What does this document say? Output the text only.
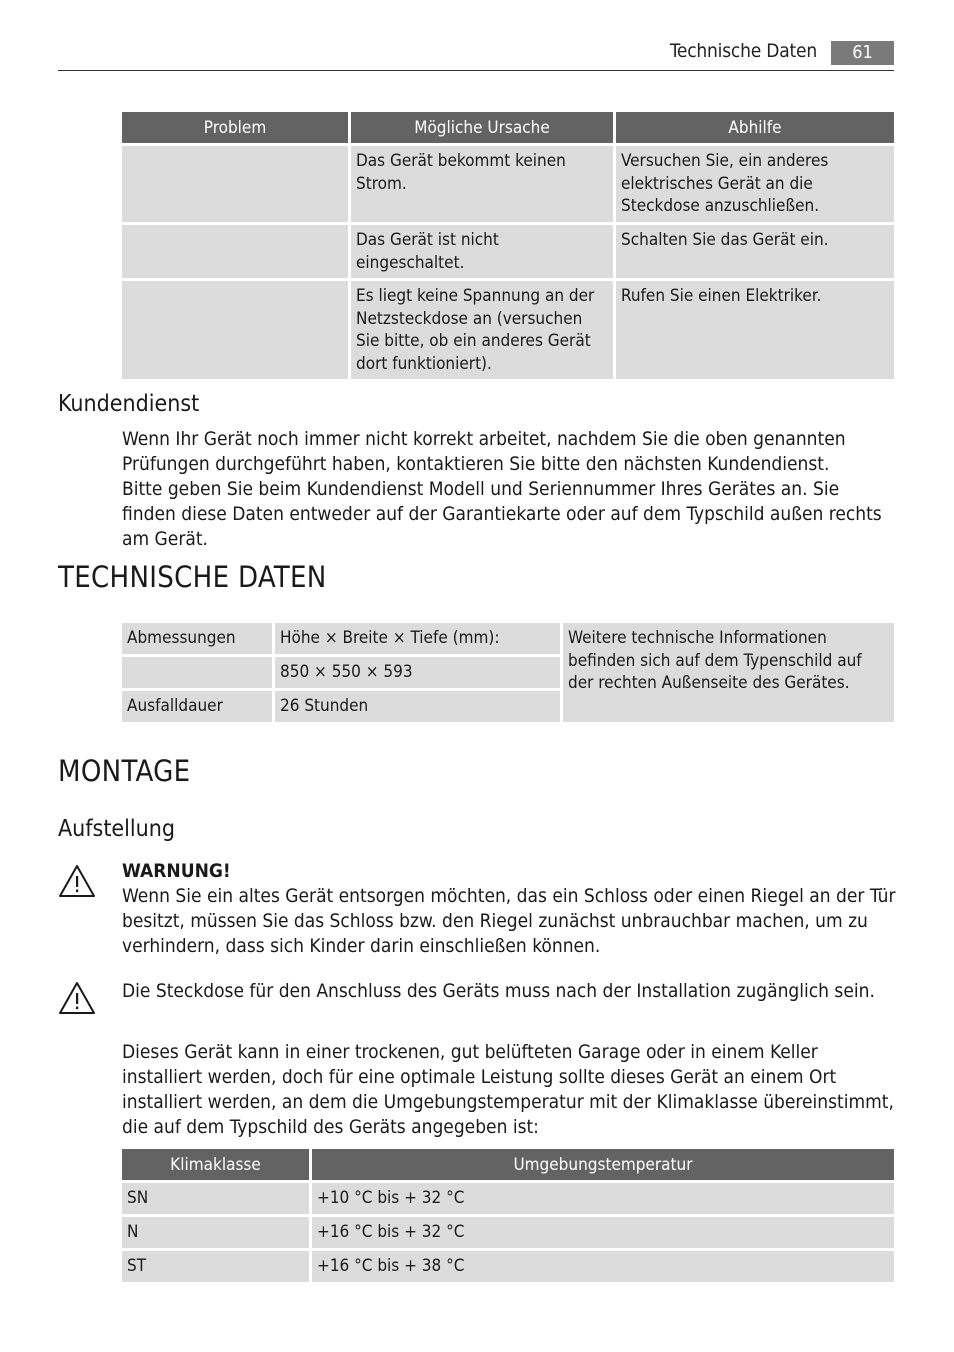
Technische Daten	61
Problem	Mögliche Ursache	Abhilfe
	Das Gerät bekommt keinen Strom.	Versuchen Sie, ein anderes elektrisches Gerät an die Steckdose anzuschließen.
	Das Gerät ist nicht eingeschaltet.	Schalten Sie das Gerät ein.
	Es liegt keine Spannung an der Netzsteckdose an (versuchen Sie bitte, ob ein anderes Gerät dort funktioniert).	Rufen Sie einen Elektriker.
Kundendienst

Wenn Ihr Gerät noch immer nicht korrekt arbeitet, nachdem Sie die oben genannten Prüfungen durchgeführt haben, kontaktieren Sie bitte den nächsten Kundendienst.

Bitte geben Sie beim Kundendienst Modell und Seriennummer Ihres Gerätes an. Sie finden diese Daten entweder auf der Garantiekarte oder auf dem Typschild außen rechts am Gerät.

TECHNISCHE DATEN
Abmessungen	Höhe × Breite × Tiefe (mm):	Weitere technische Informationen befinden sich auf dem Typenschild auf der rechten Außenseite des Gerätes.
	850 × 550 × 593	
Ausfalldauer	26 Stunden	
MONTAGE
Aufstellung

WARNUNG!

Wenn Sie ein altes Gerät entsorgen möchten, das ein Schloss oder einen Riegel an der Tür besitzt, müssen Sie das Schloss bzw. den Riegel zunächst unbrauchbar machen, um zu verhindern, dass sich Kinder darin einschließen können.

Die Steckdose für den Anschluss des Geräts muss nach der Installation zugänglich sein.

Dieses Gerät kann in einer trockenen, gut belüfteten Garage oder in einem Keller installiert werden, doch für eine optimale Leistung sollte dieses Gerät an einem Ort installiert werden, an dem die Umgebungstemperatur mit der Klimaklasse übereinstimmt, die auf dem Typschild des Geräts angegeben ist:

Klimaklasse	Umgebungstemperatur
SN	+10 °C bis + 32 °C
N	+16 °C bis + 32 °C
ST	+16 °C bis + 38 °C
